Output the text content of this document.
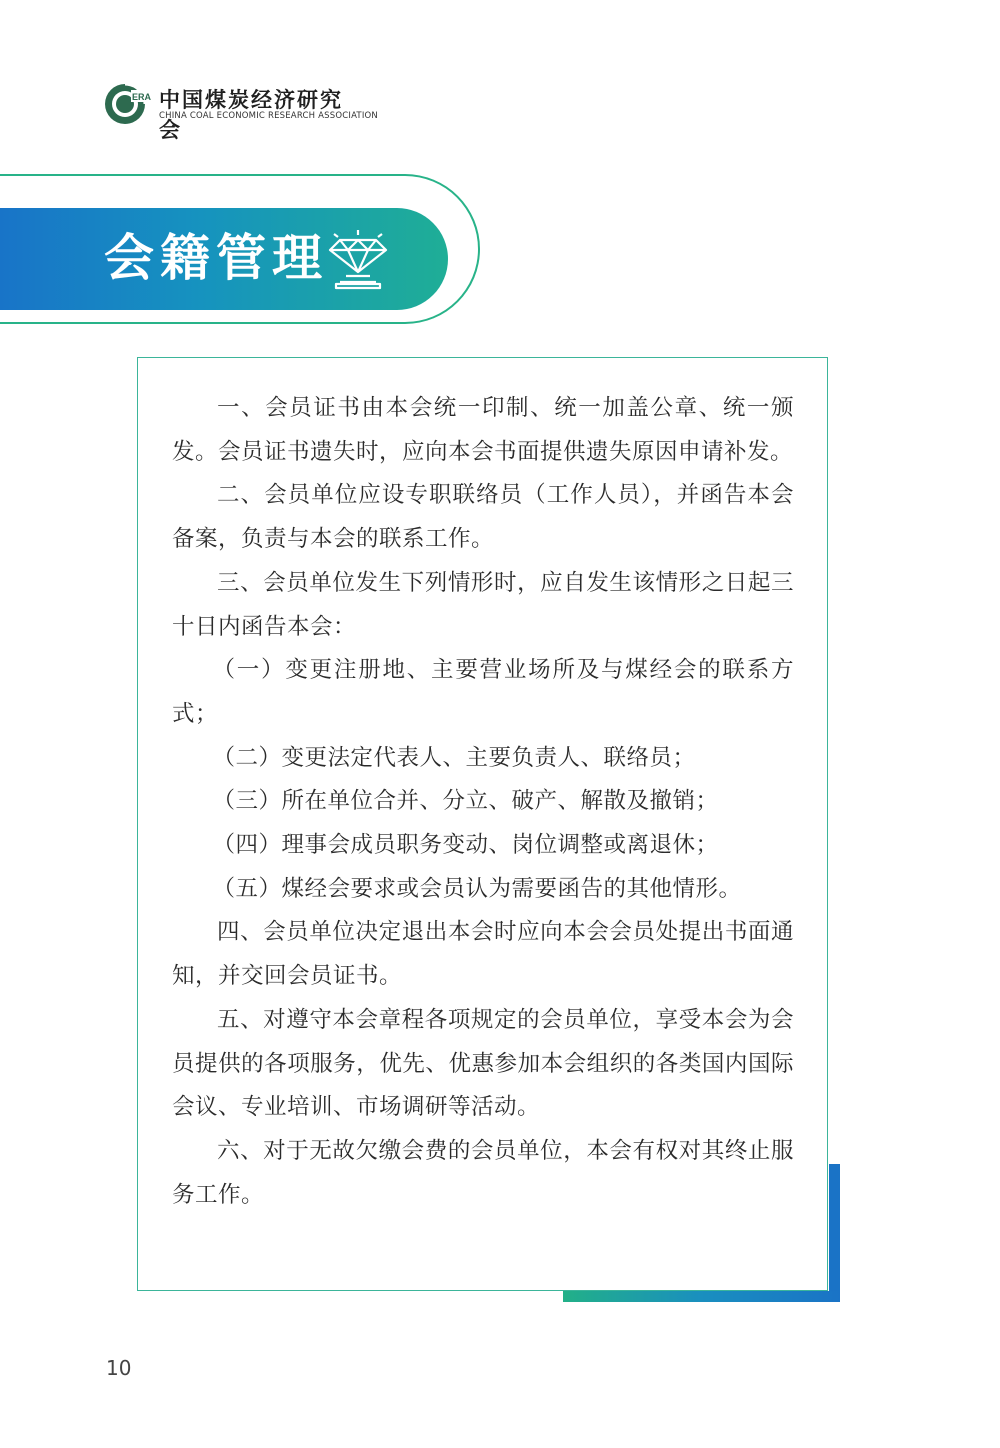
ERA 中国煤炭经济研究会
CHINA COAL ECONOMIC RESEARCH ASSOCIATION
会籍管理

一、会员证书由本会统一印制、统一加盖公章、统一颁发。会员证书遗失时，应向本会书面提供遗失原因申请补发。

二、会员单位应设专职联络员（工作人员），并函告本会备案，负责与本会的联系工作。

三、会员单位发生下列情形时，应自发生该情形之日起三十日内函告本会：

（一）变更注册地、主要营业场所及与煤经会的联系方式；

（二）变更法定代表人、主要负责人、联络员；

（三）所在单位合并、分立、破产、解散及撤销；

（四）理事会成员职务变动、岗位调整或离退休；

（五）煤经会要求或会员认为需要函告的其他情形。

四、会员单位决定退出本会时应向本会会员处提出书面通知，并交回会员证书。

五、对遵守本会章程各项规定的会员单位，享受本会为会员提供的各项服务，优先、优惠参加本会组织的各类国内国际会议、专业培训、市场调研等活动。

六、对于无故欠缴会费的会员单位，本会有权对其终止服务工作。

10
